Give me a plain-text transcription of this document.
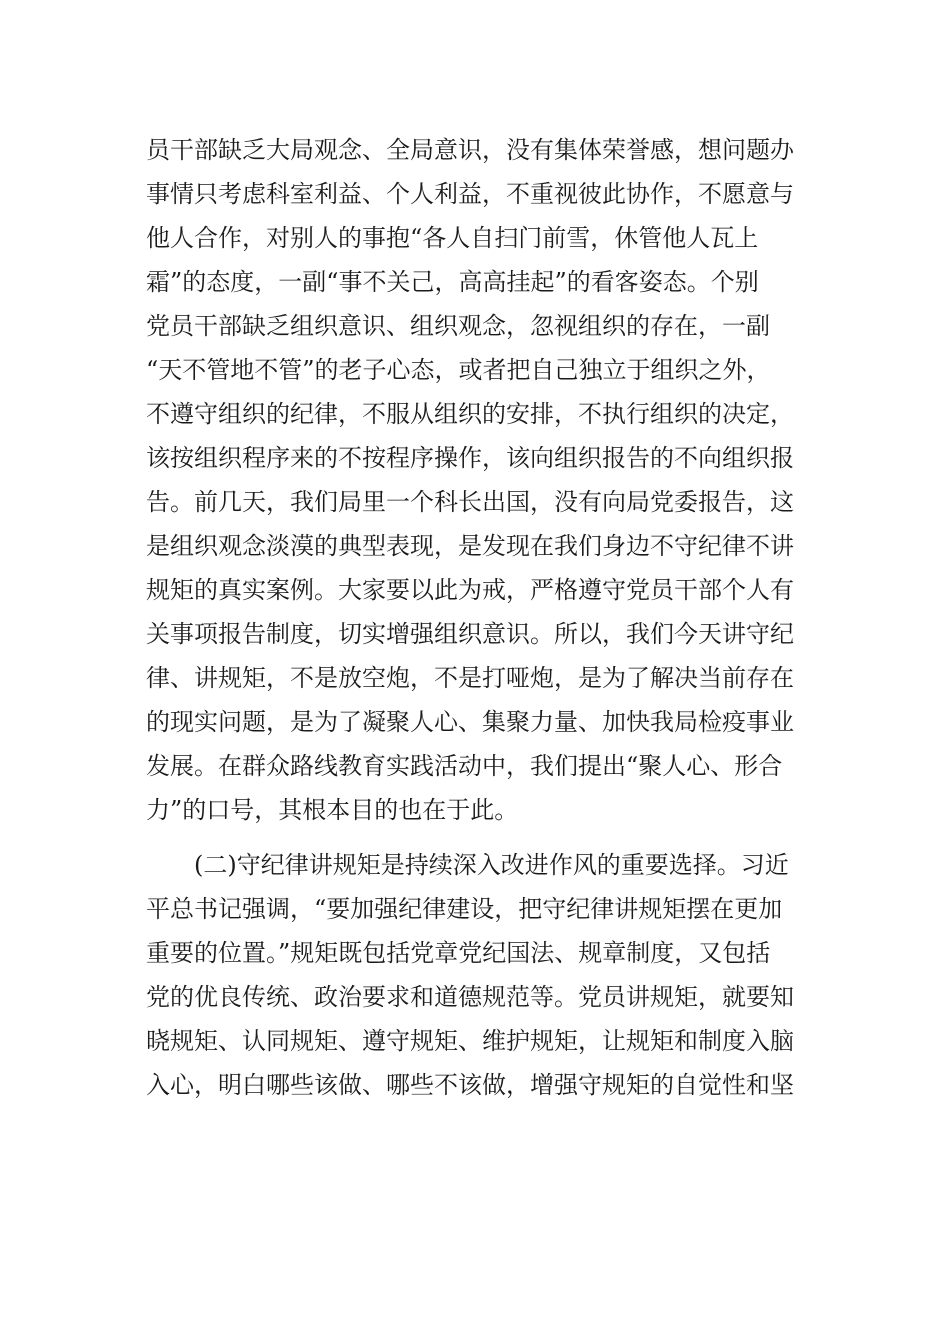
员干部缺乏大局观念、全局意识，没有集体荣誉感，想问题办
事情只考虑科室利益、个人利益，不重视彼此协作，不愿意与
他人合作，对别人的事抱“各人自扫门前雪，休管他人瓦上
霜”的态度，一副“事不关己，高高挂起”的看客姿态。个别
党员干部缺乏组织意识、组织观念，忽视组织的存在，一副
“天不管地不管”的老子心态，或者把自己独立于组织之外，
不遵守组织的纪律，不服从组织的安排，不执行组织的决定，
该按组织程序来的不按程序操作，该向组织报告的不向组织报
告。前几天，我们局里一个科长出国，没有向局党委报告，这
是组织观念淡漠的典型表现，是发现在我们身边不守纪律不讲
规矩的真实案例。大家要以此为戒，严格遵守党员干部个人有
关事项报告制度，切实增强组织意识。所以，我们今天讲守纪
律、讲规矩，不是放空炮，不是打哑炮，是为了解决当前存在
的现实问题，是为了凝聚人心、集聚力量、加快我局检疫事业
发展。在群众路线教育实践活动中，我们提出“聚人心、形合
力”的口号，其根本目的也在于此。
　　(二)守纪律讲规矩是持续深入改进作风的重要选择。习近
平总书记强调，“要加强纪律建设，把守纪律讲规矩摆在更加
重要的位置。”规矩既包括党章党纪国法、规章制度，又包括
党的优良传统、政治要求和道德规范等。党员讲规矩，就要知
晓规矩、认同规矩、遵守规矩、维护规矩，让规矩和制度入脑
入心，明白哪些该做、哪些不该做，增强守规矩的自觉性和坚
